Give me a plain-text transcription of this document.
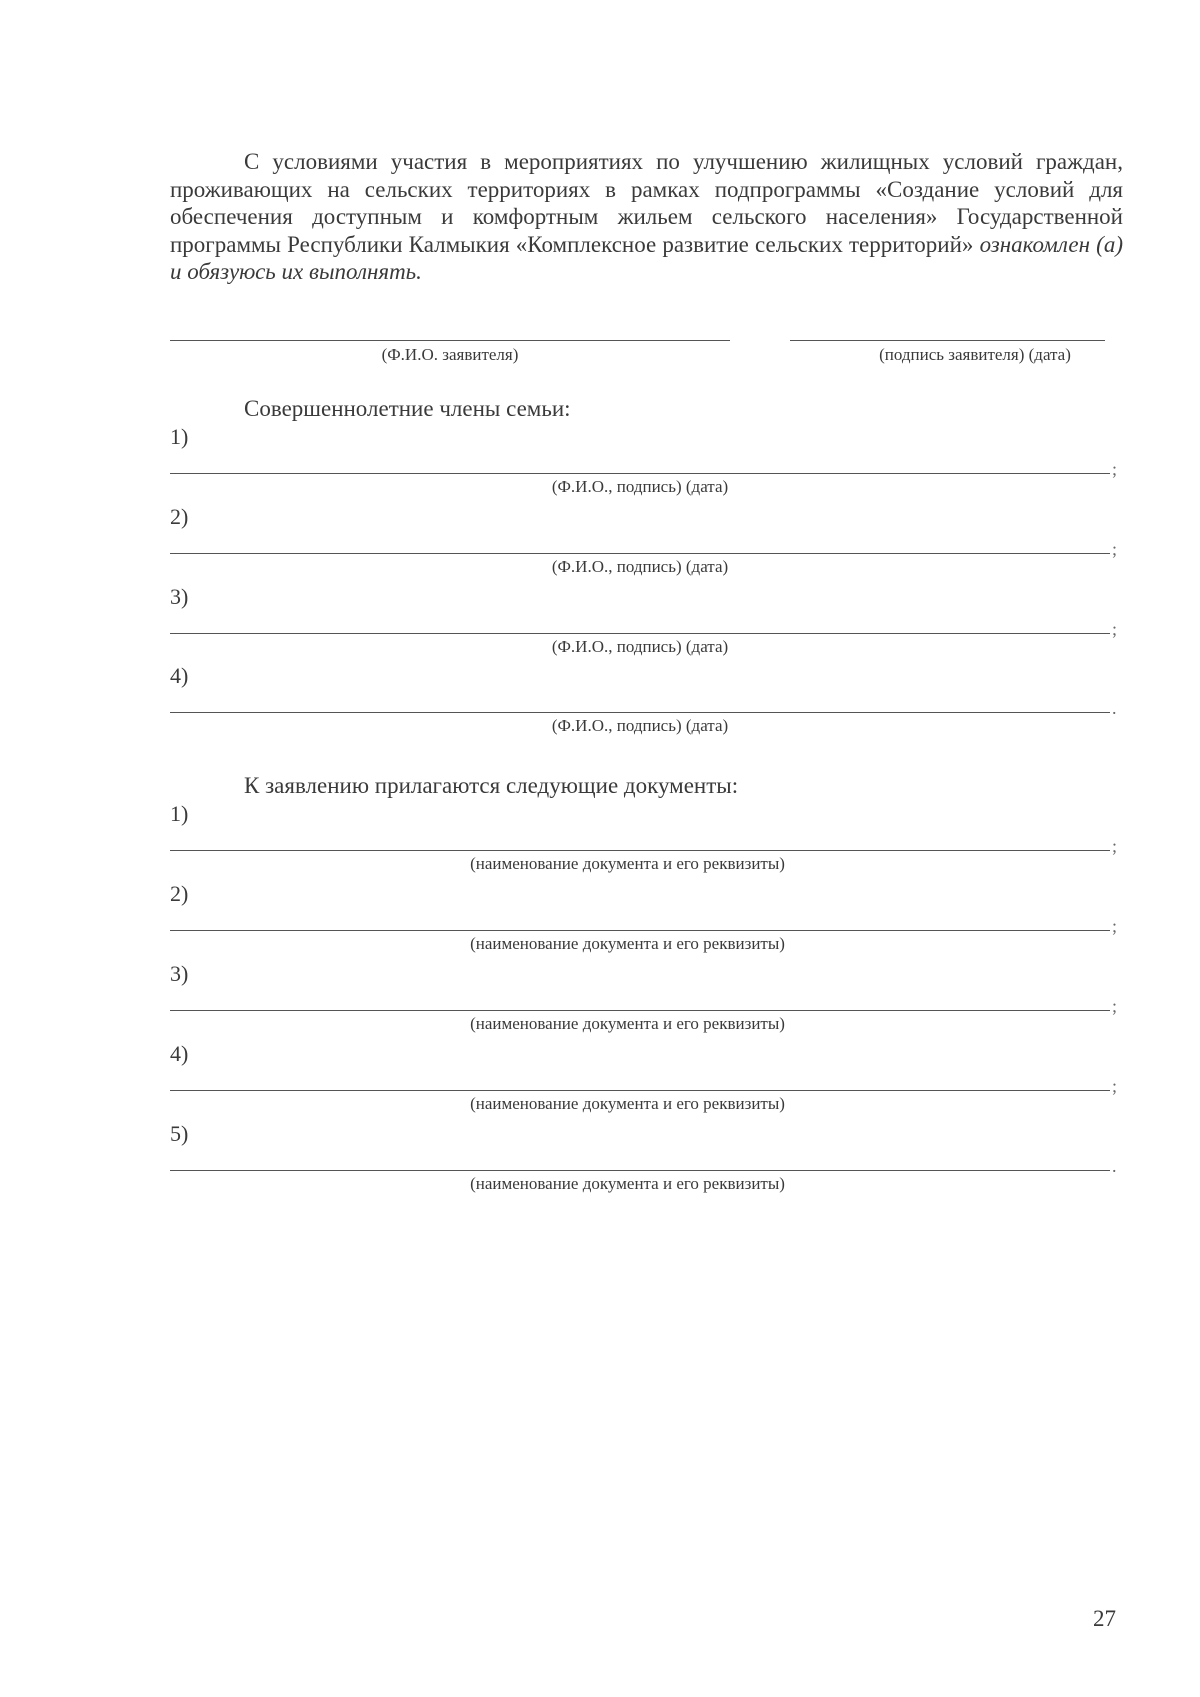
С условиями участия в мероприятиях по улучшению жилищных условий граждан, проживающих на сельских территориях в рамках подпрограммы «Создание условий для обеспечения доступным и комфортным жильем сельского населения» Государственной программы Республики Калмыкия «Комплексное развитие сельских территорий» ознакомлен (а) и обязуюсь их выполнять.

(Ф.И.О. заявителя)	(подпись заявителя) (дата)
Совершеннолетние члены семьи:
1)
;
(Ф.И.О., подпись) (дата)
2)
;
(Ф.И.О., подпись) (дата)
3)
;
(Ф.И.О., подпись) (дата)
4)
.
(Ф.И.О., подпись) (дата)
К заявлению прилагаются следующие документы:
1)
;
(наименование документа и его реквизиты)
2)
;
(наименование документа и его реквизиты)
3)
;
(наименование документа и его реквизиты)
4)
;
(наименование документа и его реквизиты)
5)
.
(наименование документа и его реквизиты)
27
